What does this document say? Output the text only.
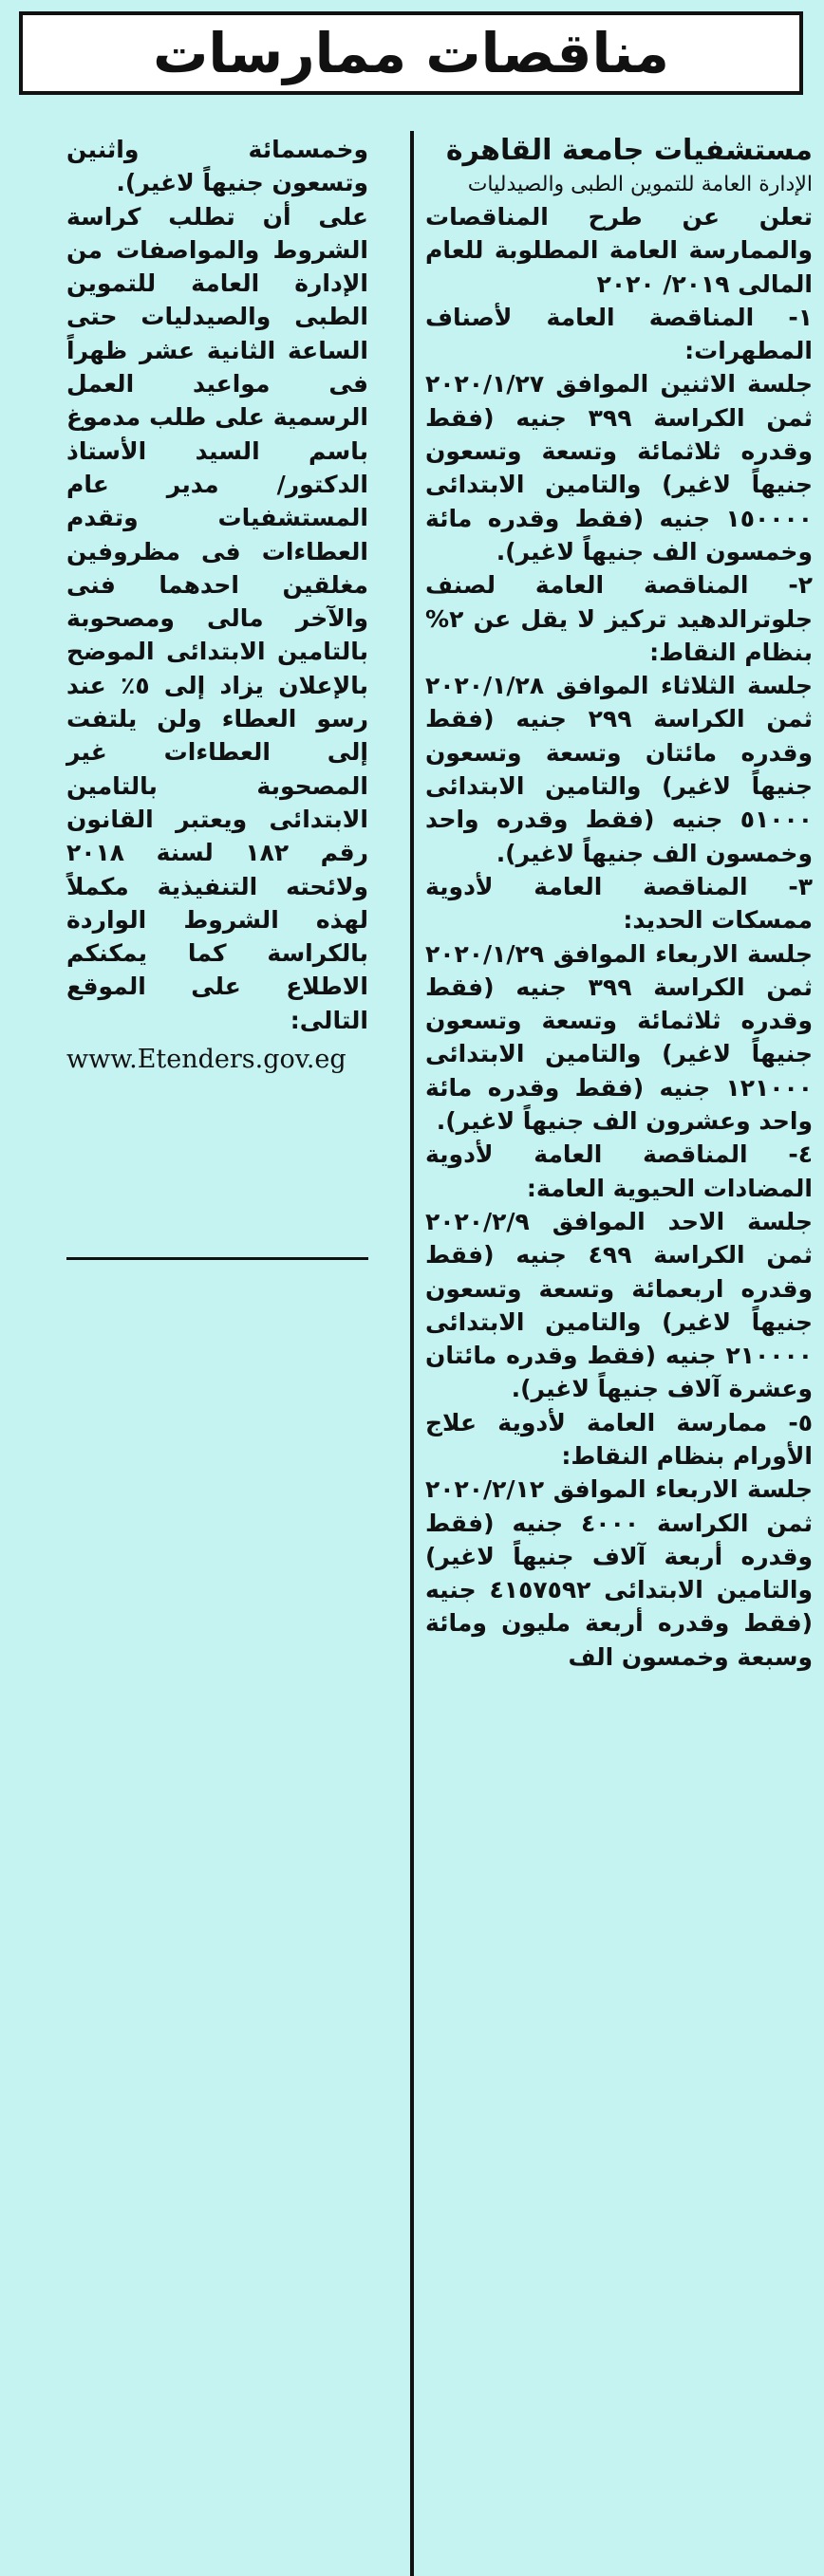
مناقصات ممارسات

مستشفيات جامعة القاهرة

الإدارة العامة للتموين الطبى والصيدليات

تعلن عن طرح المناقصات والممارسة العامة المطلوبة للعام المالى ٢٠١٩/ ٢٠٢٠

١- المناقصة العامة لأصناف المطهرات:

جلسة الاثنين الموافق ٢٠٢٠/١/٢٧ ثمن الكراسة ٣٩٩ جنيه (فقط وقدره ثلاثمائة وتسعة وتسعون جنيهاً لاغير) والتامين الابتدائى ١٥٠٠٠٠ جنيه (فقط وقدره مائة وخمسون الف جنيهاً لاغير).

٢- المناقصة العامة لصنف جلوترالدهيد تركيز لا يقل عن ٢% بنظام النقاط:

جلسة الثلاثاء الموافق ٢٠٢٠/١/٢٨ ثمن الكراسة ٢٩٩ جنيه (فقط وقدره مائتان وتسعة وتسعون جنيهاً لاغير) والتامين الابتدائى ٥١٠٠٠ جنيه (فقط وقدره واحد وخمسون الف جنيهاً لاغير).

٣- المناقصة العامة لأدوية ممسكات الحديد:

جلسة الاربعاء الموافق ٢٠٢٠/١/٢٩ ثمن الكراسة ٣٩٩ جنيه (فقط وقدره ثلاثمائة وتسعة وتسعون جنيهاً لاغير) والتامين الابتدائى ١٢١٠٠٠ جنيه (فقط وقدره مائة واحد وعشرون الف جنيهاً لاغير).

٤- المناقصة العامة لأدوية المضادات الحيوية العامة:

جلسة الاحد الموافق ٢٠٢٠/٢/٩ ثمن الكراسة ٤٩٩ جنيه (فقط وقدره اربعمائة وتسعة وتسعون جنيهاً لاغير) والتامين الابتدائى ٢١٠٠٠٠ جنيه (فقط وقدره مائتان وعشرة آلاف جنيهاً لاغير).

٥- ممارسة العامة لأدوية علاج الأورام بنظام النقاط:

جلسة الاربعاء الموافق ٢٠٢٠/٢/١٢ ثمن الكراسة ٤٠٠٠ جنيه (فقط وقدره أربعة آلاف جنيهاً لاغير) والتامين الابتدائى ٤١٥٧٥٩٢ جنيه (فقط وقدره أربعة مليون ومائة وسبعة وخمسون الف

وخمسمائة واثنين وتسعون جنيهاً لاغير).

على أن تطلب كراسة الشروط والمواصفات من الإدارة العامة للتموين الطبى والصيدليات حتى الساعة الثانية عشر ظهراً فى مواعيد العمل الرسمية على طلب مدموغ باسم السيد الأستاذ الدكتور/ مدير عام المستشفيات وتقدم العطاءات فى مظروفين مغلقين احدهما فنى والآخر مالى ومصحوبة بالتامين الابتدائى الموضح بالإعلان يزاد إلى ٥٪ عند رسو العطاء ولن يلتفت إلى العطاءات غير المصحوبة بالتامين الابتدائى ويعتبر القانون رقم ١٨٢ لسنة ٢٠١٨ ولائحته التنفيذية مكملاً لهذه الشروط الواردة بالكراسة كما يمكنكم الاطلاع على الموقع التالى:

www.Etenders.gov.eg
